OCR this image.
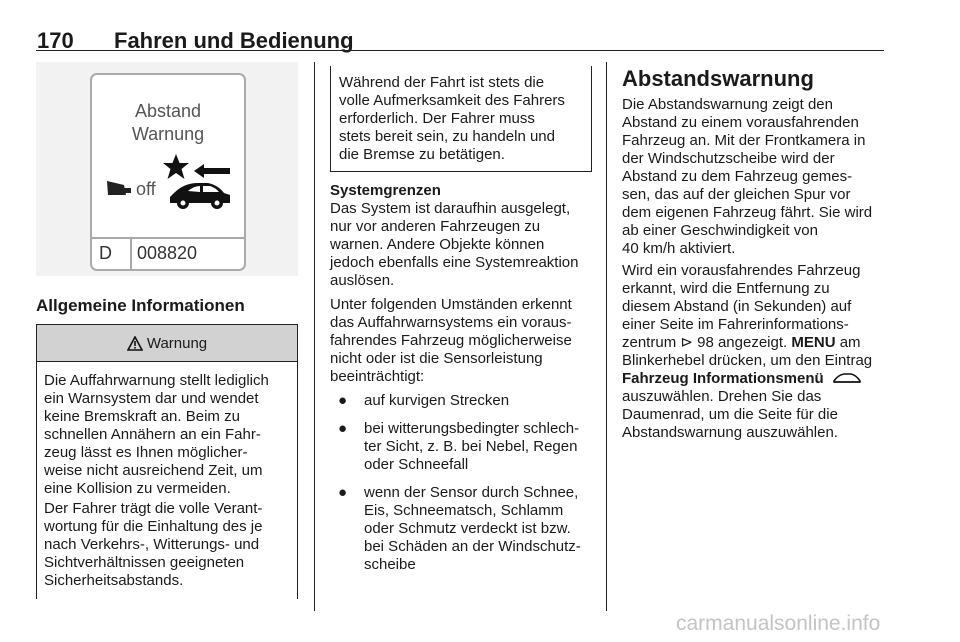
170 Fahren und Bedienung
Abstand
Warnung
off
D 008820
Allgemeine Informationen
Warnung
Die Auffahrwarnung stellt lediglich
ein Warnsystem dar und wendet
keine Bremskraft an. Beim zu
schnellen Annähern an ein Fahr-
zeug lässt es Ihnen möglicher-
weise nicht ausreichend Zeit, um
eine Kollision zu vermeiden.
Der Fahrer trägt die volle Verant-
wortung für die Einhaltung des je
nach Verkehrs-, Witterungs- und
Sichtverhältnissen geeigneten
Sicherheitsabstands.
Während der Fahrt ist stets die
volle Aufmerksamkeit des Fahrers
erforderlich. Der Fahrer muss
stets bereit sein, zu handeln und
die Bremse zu betätigen.
Systemgrenzen
Das System ist daraufhin ausgelegt,
nur vor anderen Fahrzeugen zu
warnen. Andere Objekte können
jedoch ebenfalls eine Systemreaktion
auslösen.
Unter folgenden Umständen erkennt
das Auffahrwarnsystems ein voraus-
fahrendes Fahrzeug möglicherweise
nicht oder ist die Sensorleistung
beeinträchtigt:
● auf kurvigen Strecken
● bei witterungsbedingter schlech-
ter Sicht, z. B. bei Nebel, Regen
oder Schneefall
● wenn der Sensor durch Schnee,
Eis, Schneematsch, Schlamm
oder Schmutz verdeckt ist bzw.
bei Schäden an der Windschutz-
scheibe
Abstandswarnung
Die Abstandswarnung zeigt den
Abstand zu einem vorausfahrenden
Fahrzeug an. Mit der Frontkamera in
der Windschutzscheibe wird der
Abstand zu dem Fahrzeug gemes-
sen, das auf der gleichen Spur vor
dem eigenen Fahrzeug fährt. Sie wird
ab einer Geschwindigkeit von
40 km/h aktiviert.
Wird ein vorausfahrendes Fahrzeug
erkannt, wird die Entfernung zu
diesem Abstand (in Sekunden) auf
einer Seite im Fahrerinformations-
zentrum ⊳ 98 angezeigt. MENU am
Blinkerhebel drücken, um den Eintrag
Fahrzeug Informationsmenü
auszuwählen. Drehen Sie das
Daumenrad, um die Seite für die
Abstandswarnung auszuwählen.
carmanualsonline.info
